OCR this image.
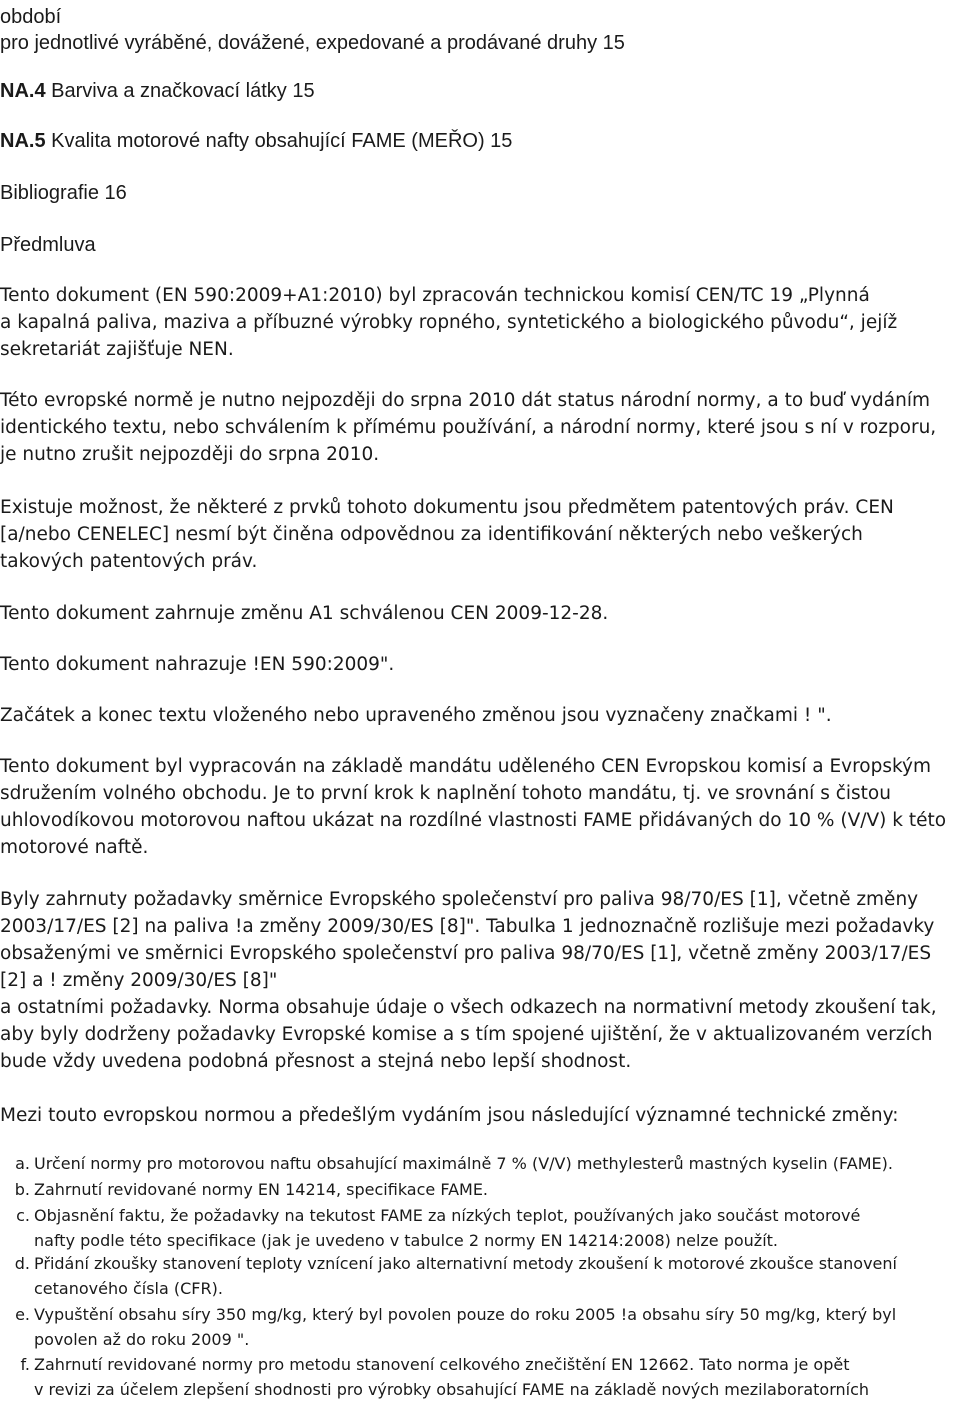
období
pro jednotlivé vyráběné, dovážené, expedované a prodávané druhy 15
NA.4 Barviva a značkovací látky 15
NA.5 Kvalita motorové nafty obsahující FAME (MEŘO) 15
Bibliografie 16
Předmluva
Tento dokument (EN 590:2009+A1:2010) byl zpracován technickou komisí CEN/TC 19 „Plynná
a kapalná paliva, maziva a příbuzné výrobky ropného, syntetického a biologického původu“, jejíž
sekretariát zajišťuje NEN.
Této evropské normě je nutno nejpozději do srpna 2010 dát status národní normy, a to buď vydáním
identického textu, nebo schválením k přímému používání, a národní normy, které jsou s ní v rozporu,
je nutno zrušit nejpozději do srpna 2010.
Existuje možnost, že některé z prvků tohoto dokumentu jsou předmětem patentových práv. CEN
[a/nebo CENELEC] nesmí být činěna odpovědnou za identifikování některých nebo veškerých
takových patentových práv.
Tento dokument zahrnuje změnu A1 schválenou CEN 2009-12-28.
Tento dokument nahrazuje !EN 590:2009".
Začátek a konec textu vloženého nebo upraveného změnou jsou vyznačeny značkami ! ".
Tento dokument byl vypracován na základě mandátu uděleného CEN Evropskou komisí a Evropským
sdružením volného obchodu. Je to první krok k naplnění tohoto mandátu, tj. ve srovnání s čistou
uhlovodíkovou motorovou naftou ukázat na rozdílné vlastnosti FAME přidávaných do 10 % (V/V) k této
motorové naftě.
Byly zahrnuty požadavky směrnice Evropského společenství pro paliva 98/70/ES [1], včetně změny
2003/17/ES [2] na paliva !a změny 2009/30/ES [8]". Tabulka 1 jednoznačně rozlišuje mezi požadavky
obsaženými ve směrnici Evropského společenství pro paliva 98/70/ES [1], včetně změny 2003/17/ES
[2] a ! změny 2009/30/ES [8]"
a ostatními požadavky. Norma obsahuje údaje o všech odkazech na normativní metody zkoušení tak,
aby byly dodrženy požadavky Evropské komise a s tím spojené ujištění, že v aktualizovaném verzích
bude vždy uvedena podobná přesnost a stejná nebo lepší shodnost.
Mezi touto evropskou normou a předešlým vydáním jsou následující významné technické změny:
a. Určení normy pro motorovou naftu obsahující maximálně 7 % (V/V) methylesterů mastných kyselin (FAME).
b. Zahrnutí revidované normy EN 14214, specifikace FAME.
c. Objasnění faktu, že požadavky na tekutost FAME za nízkých teplot, používaných jako součást motorové
nafty podle této specifikace (jak je uvedeno v tabulce 2 normy EN 14214:2008) nelze použít.
d. Přidání zkoušky stanovení teploty vznícení jako alternativní metody zkoušení k motorové zkoušce stanovení
cetanového čísla (CFR).
e. Vypuštění obsahu síry 350 mg/kg, který byl povolen pouze do roku 2005 !a obsahu síry 50 mg/kg, který byl
povolen až do roku 2009 ".
f. Zahrnutí revidované normy pro metodu stanovení celkového znečištění EN 12662. Tato norma je opět
v revizi za účelem zlepšení shodnosti pro výrobky obsahující FAME na základě nových mezilaboratorních
